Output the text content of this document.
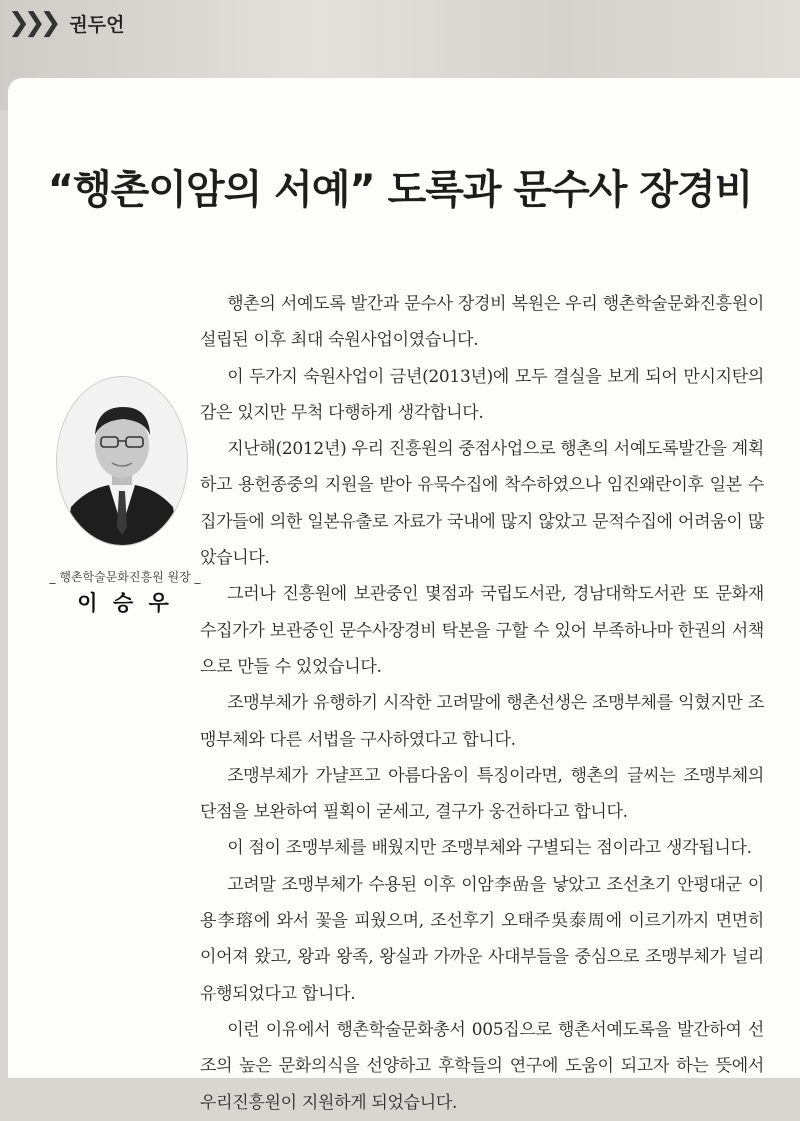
❯❯❯ 권두언
“행촌이암의 서예” 도록과 문수사 장경비
_ 행촌학술문화진흥원 원장 _
이 승 우

행촌의 서예도록 발간과 문수사 장경비 복원은 우리 행촌학술문화진흥원이 설립된 이후 최대 숙원사업이였습니다.

이 두가지 숙원사업이 금년(2013년)에 모두 결실을 보게 되어 만시지탄의 감은 있지만 무척 다행하게 생각합니다.

지난해(2012년) 우리 진흥원의 중점사업으로 행촌의 서예도록발간을 계획하고 용헌종중의 지원을 받아 유묵수집에 착수하였으나 임진왜란이후 일본 수집가들에 의한 일본유출로 자료가 국내에 많지 않았고 문적수집에 어려움이 많았습니다.

그러나 진흥원에 보관중인 몇점과 국립도서관, 경남대학도서관 또 문화재 수집가가 보관중인 문수사장경비 탁본을 구할 수 있어 부족하나마 한권의 서책으로 만들 수 있었습니다.

조맹부체가 유행하기 시작한 고려말에 행촌선생은 조맹부체를 익혔지만 조맹부체와 다른 서법을 구사하였다고 합니다.

조맹부체가 가냘프고 아름다움이 특징이라면, 행촌의 글씨는 조맹부체의 단점을 보완하여 필획이 굳세고, 결구가 웅건하다고 합니다.

이 점이 조맹부체를 배웠지만 조맹부체와 구별되는 점이라고 생각됩니다.

고려말 조맹부체가 수용된 이후 이암李嵒을 낳았고 조선초기 안평대군 이용李瑢에 와서 꽃을 피웠으며, 조선후기 오태주吳泰周에 이르기까지 면면히 이어져 왔고, 왕과 왕족, 왕실과 가까운 사대부들을 중심으로 조맹부체가 널리 유행되었다고 합니다.

이런 이유에서 행촌학술문화총서 005집으로 행촌서예도록을 발간하여 선조의 높은 문화의식을 선양하고 후학들의 연구에 도움이 되고자 하는 뜻에서 우리진흥원이 지원하게 되었습니다.
